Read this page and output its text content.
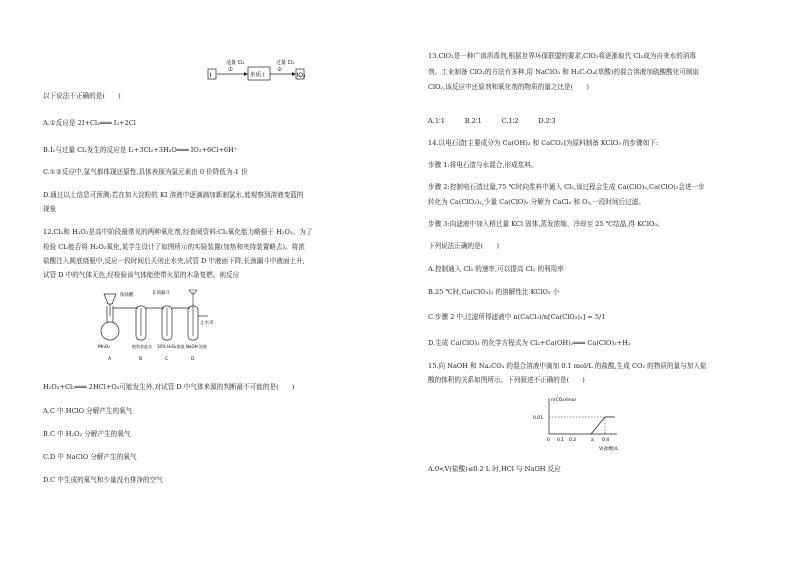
I
适量 Cl₂
①
单质 I
过量 Cl₂
②
IO₃
以下说法不正确的是(　　)
A.①反应是 2I+Cl₂═══ I₂+2Cl
B.I₂与过量 Cl₂发生的反应是 I₂+3Cl₂+3H₂O═══ IO₃+6Cl+6H⁺
C.①②反应中,氯气都体现还原性,具体表现为氯元素由 0 价降低为-1 价
D.通过以上信息可预测:若在加入淀粉的 KI 溶液中逐滴滴加新制氯水,能观察到溶液变蓝的
现象
12.Cl₂和 H₂O₂是高中阶段最常见的两种氧化剂,经查阅资料:Cl₂氧化能力略强于 H₂O₂。为了
检验 Cl₂能否将 H₂O₂氧化,某学生设计了如图所示的实验装置(加热和夹持装置略去)。将浓
盐酸注入圆底烧瓶中,反应一段时间后关闭止水夹,试管 D 中液面下降,长颈漏斗中液面上升,
试管 D 中的气体无色,经检验该气体能使带火星的木条复燃。则反应
浓盐酸	长颈漏斗
止水夹
MnO₂	饱和食盐水 30% H₂O₂溶液 NaOH 溶液
A	B	C	D
H₂O₂+Cl₂═══ 2HCl+O₂可能发生外,对试管 D 中气体来源的判断最不可能的是(　　)
A.C 中 HClO 分解产生的氧气
B.C 中 H₂O₂ 分解产生的氧气
C.D 中 NaClO 分解产生的氧气
D.C 中生成的氧气和少量没有排净的空气
13.ClO₂是一种广谱消毒剂,根据世界环保联盟的要求,ClO₂将逐渐取代 Cl₂成为自来水的消毒
剂。工业制备 ClO₂的方法有多种,用 NaClO₃ 和 H₂C₂O₄(草酸)的混合溶液加硫酸酸化可制取
ClO₂,该反应中还原剂和氧化剂的物质的量之比是(　　)
A.1∶1　　　B.2∶1　　　C.1∶2　　　D.2∶3
14.以电石渣[主要成分为 Ca(OH)₂ 和 CaCO₃]为原料制备 KClO₃ 的步骤如下:
步骤 1:将电石渣与水混合,形成浆料。
步骤 2:控制电石渣过量,75 ℃时向浆料中通入 Cl₂,该过程会生成 Ca(ClO)₂,Ca(ClO)₂会进一步
转化为 Ca(ClO₃)₂,少量 Ca(ClO)₂ 分解为 CaCl₂ 和 O₂,一段时间后过滤。
步骤 3:向滤液中加入稍过量 KCl 固体,蒸发浓缩、冷却至 25 ℃结晶,得 KClO₃。
下列说法正确的是(　　)
A.控制通入 Cl₂ 的速率,可以提高 Cl₂ 的利用率
B.25 ℃时,Ca(ClO₃)₂ 的溶解性比 KClO₃ 小
C.步骤 2 中,过滤所得滤液中 n(CaCl₂)/n[Ca(ClO₃)₂] = 5/1
D.生成 Ca(ClO)₂ 的化学方程式为 Cl₂+Ca(OH)₂═══ Ca(ClO)₂+H₂
15.向 NaOH 和 Na₂CO₃ 的混合溶液中滴加 0.1 mol/L 的盐酸,生成 CO₂ 的物质的量与加入盐
酸的体积的关系如图所示。下列叙述不正确的是(　　)
n(CO₂)/mol
0.01
0 0.1 0.2	a 0.4
V(盐酸)/L
A.0<V(盐酸)≤0.2 L 时,HCl 与 NaOH 反应
